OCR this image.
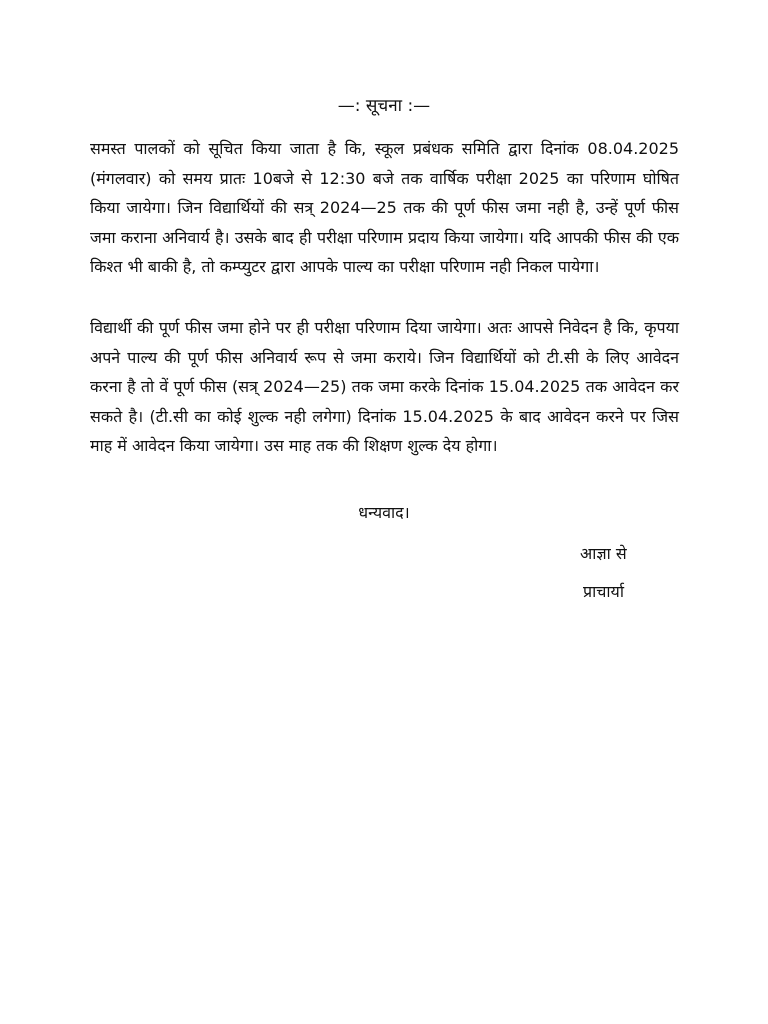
—: सूचना :—

समस्त पालकों को सूचित किया जाता है कि, स्कूल प्रबंधक समिति द्वारा दिनांक 08.04.2025 (मंगलवार) को समय प्रातः 10बजे से 12:30 बजे तक वार्षिक परीक्षा 2025 का परिणाम घोषित किया जायेगा। जिन विद्यार्थियों की सत्र् 2024—25 तक की पूर्ण फीस जमा नही है, उन्हें पूर्ण फीस जमा कराना अनिवार्य है। उसके बाद ही परीक्षा परिणाम प्रदाय किया जायेगा। यदि आपकी फीस की एक किश्त भी बाकी है, तो कम्प्युटर द्वारा आपके पाल्य का परीक्षा परिणाम नही निकल पायेगा।

विद्यार्थी की पूर्ण फीस जमा होने पर ही परीक्षा परिणाम दिया जायेगा। अतः आपसे निवेदन है कि, कृपया अपने पाल्य की पूर्ण फीस अनिवार्य रूप से जमा कराये। जिन विद्यार्थियों को टी.सी के लिए आवेदन करना है तो वें पूर्ण फीस (सत्र् 2024—25) तक जमा करके दिनांक 15.04.2025 तक आवेदन कर सकते है। (टी.सी का कोई शुल्क नही लगेगा) दिनांक 15.04.2025 के बाद आवेदन करने पर जिस माह में आवेदन किया जायेगा। उस माह तक की शिक्षण शुल्क देय होगा।

धन्यवाद।
आज्ञा से
प्राचार्या
